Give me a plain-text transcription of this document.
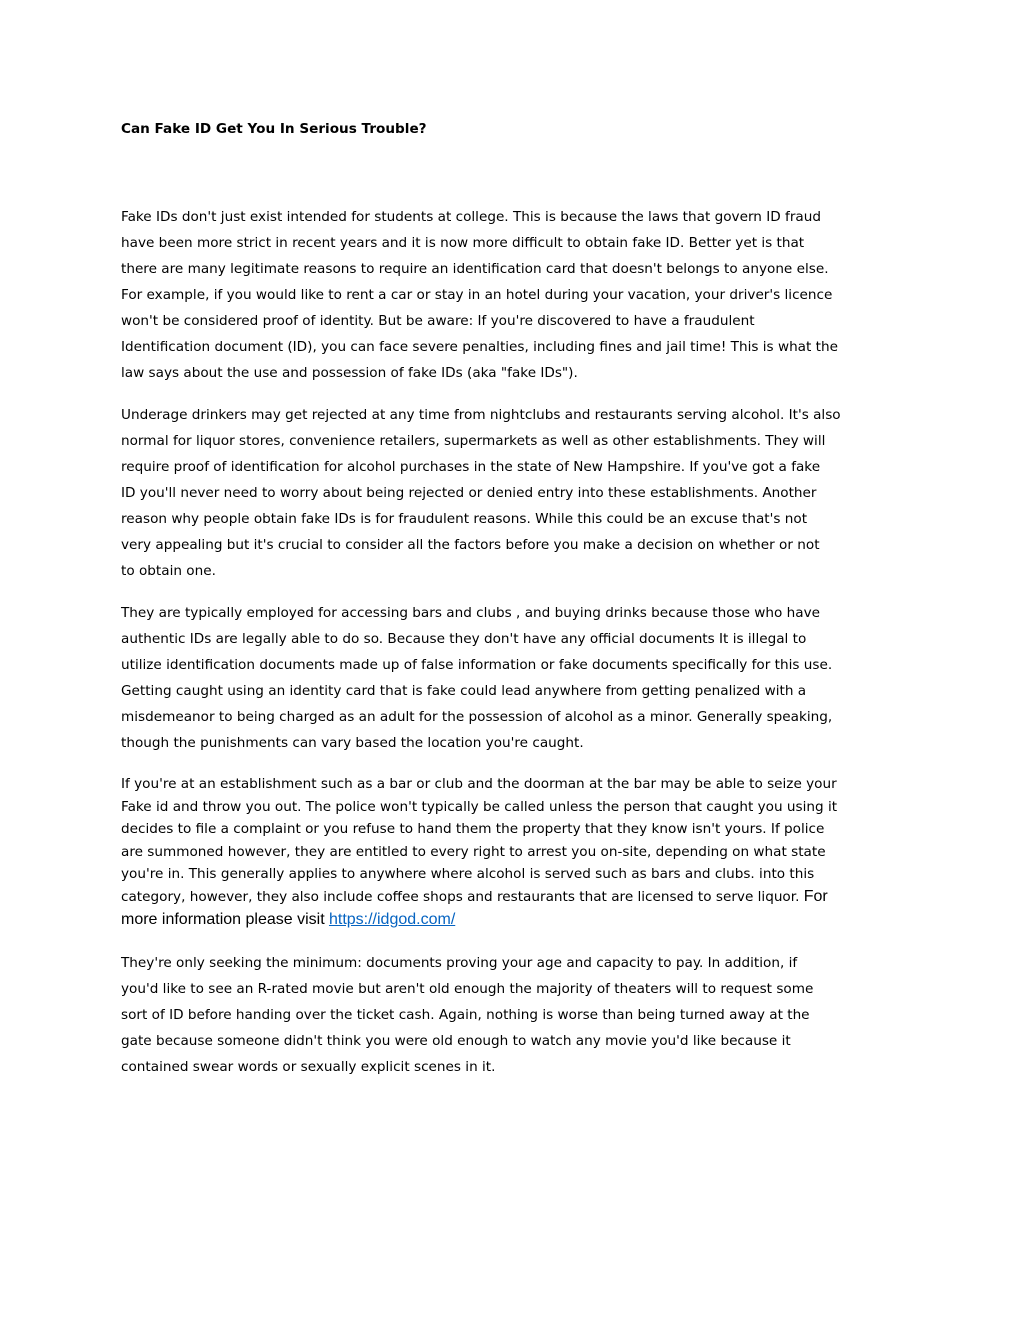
Can Fake ID Get You In Serious Trouble?

Fake IDs don't just exist intended for students at college. This is because the laws that govern ID fraud
have been more strict in recent years and it is now more difficult to obtain fake ID. Better yet is that
there are many legitimate reasons to require an identification card that doesn't belongs to anyone else.
For example, if you would like to rent a car or stay in an hotel during your vacation, your driver's licence
won't be considered proof of identity. But be aware: If you're discovered to have a fraudulent
Identification document (ID), you can face severe penalties, including fines and jail time! This is what the
law says about the use and possession of fake IDs (aka "fake IDs").

Underage drinkers may get rejected at any time from nightclubs and restaurants serving alcohol. It's also
normal for liquor stores, convenience retailers, supermarkets as well as other establishments. They will
require proof of identification for alcohol purchases in the state of New Hampshire. If you've got a fake
ID you'll never need to worry about being rejected or denied entry into these establishments. Another
reason why people obtain fake IDs is for fraudulent reasons. While this could be an excuse that's not
very appealing but it's crucial to consider all the factors before you make a decision on whether or not
to obtain one.

They are typically employed for accessing bars and clubs , and buying drinks because those who have
authentic IDs are legally able to do so. Because they don't have any official documents It is illegal to
utilize identification documents made up of false information or fake documents specifically for this use.
Getting caught using an identity card that is fake could lead anywhere from getting penalized with a
misdemeanor to being charged as an adult for the possession of alcohol as a minor. Generally speaking,
though the punishments can vary based the location you're caught.

If you're at an establishment such as a bar or club and the doorman at the bar may be able to seize your
Fake id and throw you out. The police won't typically be called unless the person that caught you using it
decides to file a complaint or you refuse to hand them the property that they know isn't yours. If police
are summoned however, they are entitled to every right to arrest you on-site, depending on what state
you're in. This generally applies to anywhere where alcohol is served such as bars and clubs. into this
category, however, they also include coffee shops and restaurants that are licensed to serve liquor. For
more information please visit https://idgod.com/

They're only seeking the minimum: documents proving your age and capacity to pay. In addition, if
you'd like to see an R-rated movie but aren't old enough the majority of theaters will to request some
sort of ID before handing over the ticket cash. Again, nothing is worse than being turned away at the
gate because someone didn't think you were old enough to watch any movie you'd like because it
contained swear words or sexually explicit scenes in it.
